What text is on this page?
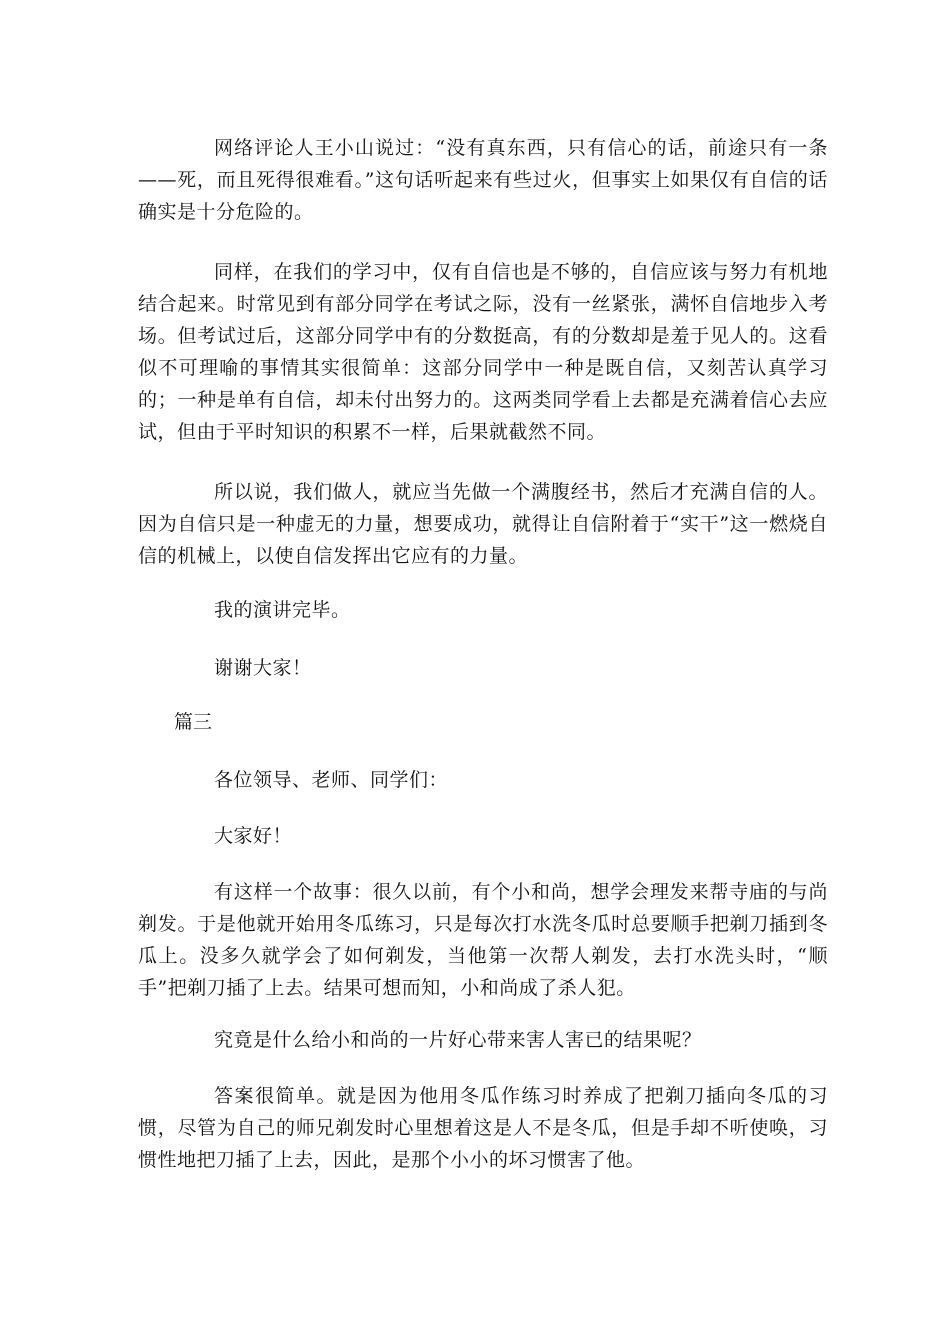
网络评论人王小山说过：“没有真东西，只有信心的话，前途只有一条——死，而且死得很难看。”这句话听起来有些过火，但事实上如果仅有自信的话确实是十分危险的。

同样，在我们的学习中，仅有自信也是不够的，自信应该与努力有机地结合起来。时常见到有部分同学在考试之际，没有一丝紧张，满怀自信地步入考场。但考试过后，这部分同学中有的分数挺高，有的分数却是羞于见人的。这看似不可理喻的事情其实很简单：这部分同学中一种是既自信，又刻苦认真学习的；一种是单有自信，却未付出努力的。这两类同学看上去都是充满着信心去应试，但由于平时知识的积累不一样，后果就截然不同。

所以说，我们做人，就应当先做一个满腹经书，然后才充满自信的人。因为自信只是一种虚无的力量，想要成功，就得让自信附着于“实干”这一燃烧自信的机械上，以使自信发挥出它应有的力量。

我的演讲完毕。

谢谢大家！

篇三

各位领导、老师、同学们：

大家好！

有这样一个故事：很久以前，有个小和尚，想学会理发来帮寺庙的与尚剃发。于是他就开始用冬瓜练习，只是每次打水洗冬瓜时总要顺手把剃刀插到冬瓜上。没多久就学会了如何剃发，当他第一次帮人剃发，去打水洗头时，“顺手”把剃刀插了上去。结果可想而知，小和尚成了杀人犯。

究竟是什么给小和尚的一片好心带来害人害已的结果呢？

答案很简单。就是因为他用冬瓜作练习时养成了把剃刀插向冬瓜的习惯，尽管为自己的师兄剃发时心里想着这是人不是冬瓜，但是手却不听使唤，习惯性地把刀插了上去，因此，是那个小小的坏习惯害了他。
